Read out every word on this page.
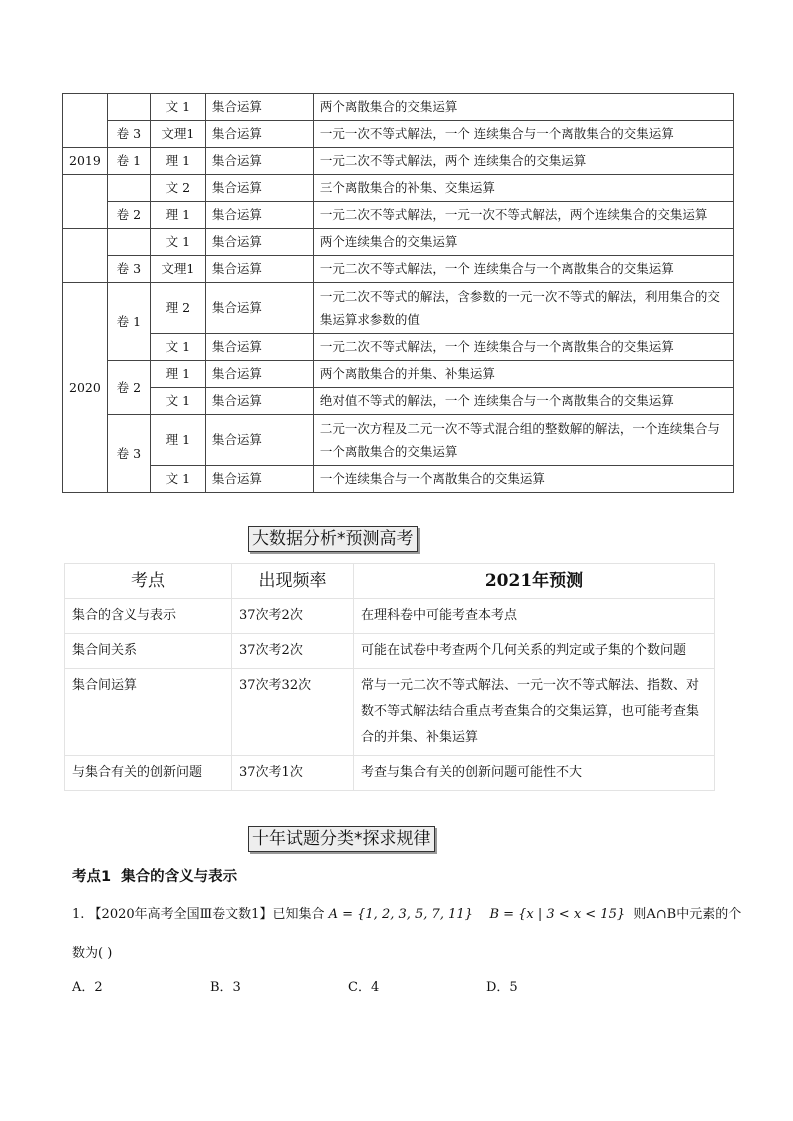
		文 1	集合运算	两个离散集合的交集运算
	卷 3	文理1	集合运算	一元一次不等式解法，一个 连续集合与一个离散集合的交集运算
2019	卷 1	理 1	集合运算	一元二次不等式解法，两个 连续集合的交集运算
		文 2	集合运算	三个离散集合的补集、交集运算
	卷 2	理 1	集合运算	一元二次不等式解法，一元一次不等式解法，两个连续集合的交集运算
		文 1	集合运算	两个连续集合的交集运算
	卷 3	文理1	集合运算	一元二次不等式解法，一个 连续集合与一个离散集合的交集运算
2020	卷 1	理 2	集合运算	一元二次不等式的解法，含参数的一元一次不等式的解法，利用集合的交集运算求参数的值
		文 1	集合运算	一元二次不等式解法，一个 连续集合与一个离散集合的交集运算
	卷 2	理 1	集合运算	两个离散集合的并集、补集运算
		文 1	集合运算	绝对值不等式的解法，一个 连续集合与一个离散集合的交集运算
	卷 3	理 1	集合运算	二元一次方程及二元一次不等式混合组的整数解的解法，一个连续集合与一个离散集合的交集运算
		文 1	集合运算	一个连续集合与一个离散集合的交集运算
大数据分析*预测高考
考点	出现频率	2021年预测
集合的含义与表示	37次考2次	在理科卷中可能考查本考点
集合间关系	37次考2次	可能在试卷中考查两个几何关系的判定或子集的个数问题
集合间运算	37次考32次	常与一元二次不等式解法、一元一次不等式解法、指数、对数不等式解法结合重点考查集合的交集运算，也可能考查集合的并集、补集运算
与集合有关的创新问题	37次考1次	考查与集合有关的创新问题可能性不大
十年试题分类*探求规律
考点1 集合的含义与表示
1. 【2020年高考全国Ⅲ卷文数1】已知集合 A = {1, 2, 3, 5, 7, 11} B = {x | 3 < x < 15} 则A∩B中元素的个
数为( )
A．2	B．3	C．4	D．5
